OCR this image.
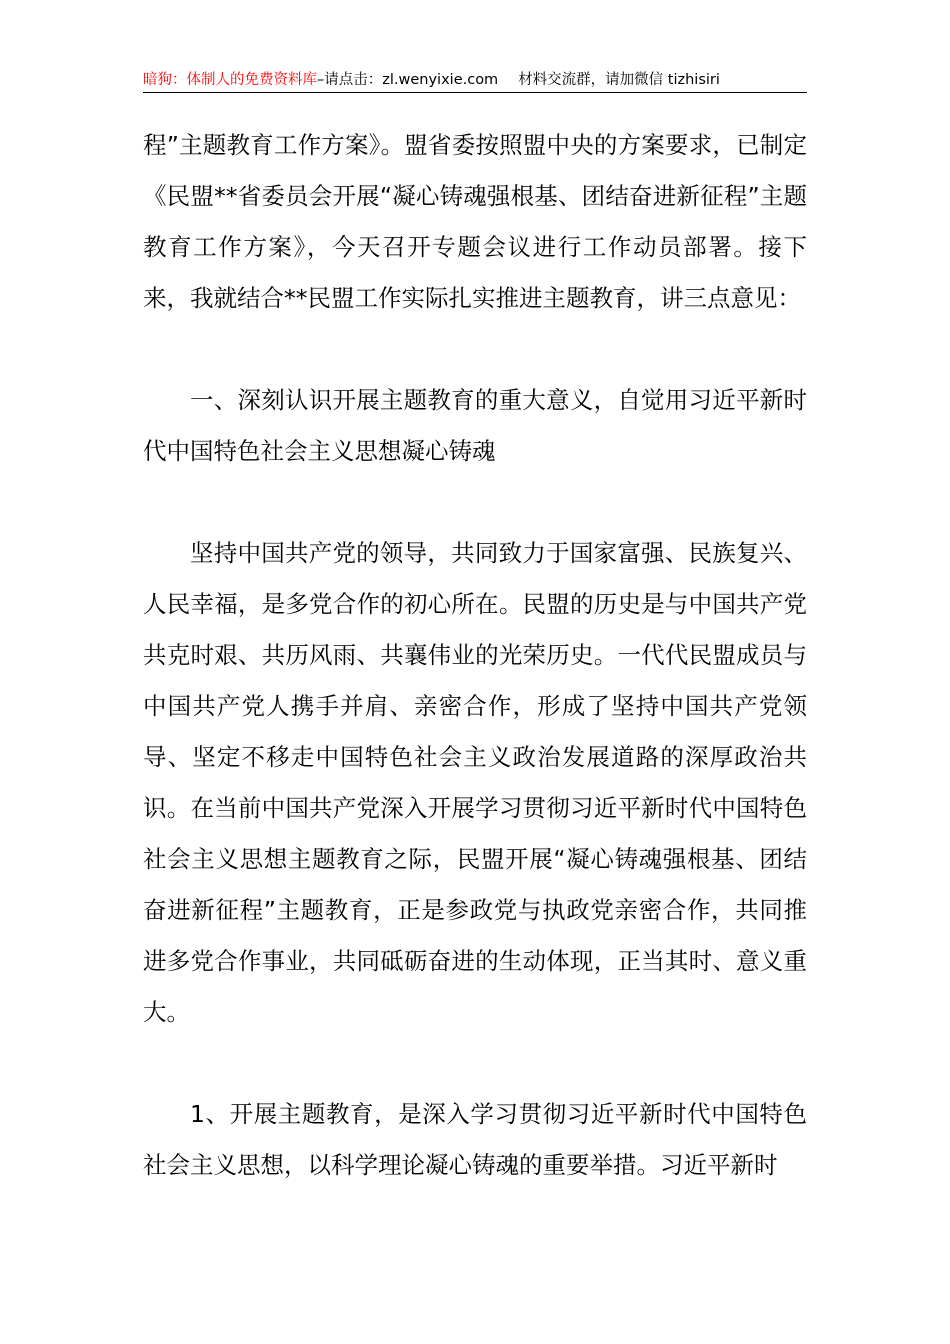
暗狗：体制人的免费资料库–请点击：zl.wenyixie.com 材料交流群，请加微信 tizhisiri

程”主题教育工作方案》。盟省委按照盟中央的方案要求，已制定《民盟**省委员会开展“凝心铸魂强根基、团结奋进新征程”主题教育工作方案》，今天召开专题会议进行工作动员部署。接下来，我就结合**民盟工作实际扎实推进主题教育，讲三点意见：

一、深刻认识开展主题教育的重大意义，自觉用习近平新时代中国特色社会主义思想凝心铸魂

坚持中国共产党的领导，共同致力于国家富强、民族复兴、人民幸福，是多党合作的初心所在。民盟的历史是与中国共产党共克时艰、共历风雨、共襄伟业的光荣历史。一代代民盟成员与中国共产党人携手并肩、亲密合作，形成了坚持中国共产党领导、坚定不移走中国特色社会主义政治发展道路的深厚政治共识。在当前中国共产党深入开展学习贯彻习近平新时代中国特色社会主义思想主题教育之际，民盟开展“凝心铸魂强根基、团结奋进新征程”主题教育，正是参政党与执政党亲密合作，共同推进多党合作事业，共同砥砺奋进的生动体现，正当其时、意义重大。

1、开展主题教育，是深入学习贯彻习近平新时代中国特色社会主义思想，以科学理论凝心铸魂的重要举措。习近平新时
